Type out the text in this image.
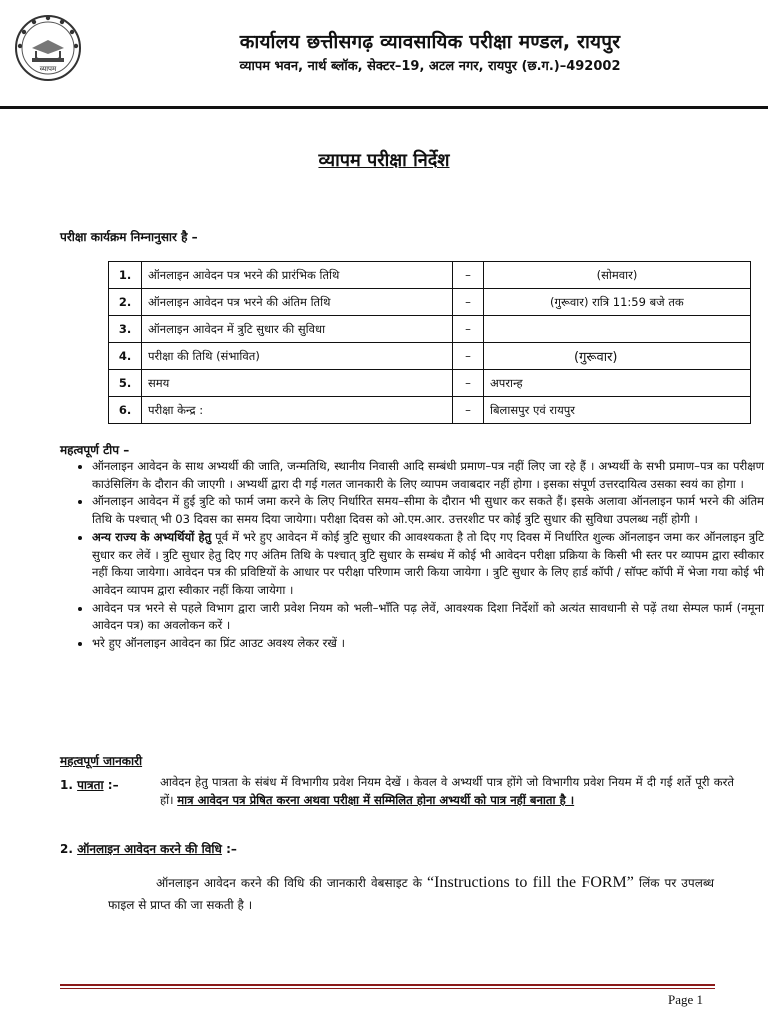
व्यापम
कार्यालय छत्तीसगढ़ व्यावसायिक परीक्षा मण्डल, रायपुर
व्यापम भवन, नार्थ ब्लॉक, सेक्टर–19, अटल नगर, रायपुर (छ.ग.)–492002
व्यापम परीक्षा निर्देश
परीक्षा कार्यक्रम निम्नानुसार है –
1.	ऑनलाइन आवेदन पत्र भरने की प्रारंभिक तिथि	–	(सोमवार)
2.	ऑनलाइन आवेदन पत्र भरने की अंतिम तिथि	–	(गुरूवार) रात्रि 11:59 बजे तक
3.	ऑनलाइन आवेदन में त्रुटि सुधार की सुविधा	–	
4.	परीक्षा की तिथि (संभावित)	–	(गुरूवार)
5.	समय	–	अपरान्ह
6.	परीक्षा केन्द्र :	–	बिलासपुर एवं रायपुर
महत्वपूर्ण टीप –
• ऑनलाइन आवेदन के साथ अभ्यर्थी की जाति, जन्मतिथि, स्थानीय निवासी आदि सम्बंधी प्रमाण–पत्र नहीं लिए जा रहे हैं । अभ्यर्थी के सभी प्रमाण–पत्र का परीक्षण काउंसिलिंग के दौरान की जाएगी । अभ्यर्थी द्वारा दी गई गलत जानकारी के लिए व्यापम जवाबदार नहीं होगा । इसका संपूर्ण उत्तरदायित्व उसका स्वयं का होगा ।
• ऑनलाइन आवेदन में हुई त्रुटि को फार्म जमा करने के लिए निर्धारित समय–सीमा के दौरान भी सुधार कर सकते हैं। इसके अलावा ऑनलाइन फार्म भरने की अंतिम तिथि के पश्चात् भी 03 दिवस का समय दिया जायेगा। परीक्षा दिवस को ओ.एम.आर. उत्तरशीट पर कोई त्रुटि सुधार की सुविधा उपलब्ध नहीं होगी ।
• अन्य राज्य के अभ्यर्थियों हेतु पूर्व में भरे हुए आवेदन में कोई त्रुटि सुधार की आवश्यकता है तो दिए गए दिवस में निर्धारित शुल्क ऑनलाइन जमा कर ऑनलाइन त्रुटि सुधार कर लेवें । त्रुटि सुधार हेतु दिए गए अंतिम तिथि के पश्चात् त्रुटि सुधार के सम्बंध में कोई भी आवेदन परीक्षा प्रक्रिया के किसी भी स्तर पर व्यापम द्वारा स्वीकार नहीं किया जायेगा। आवेदन पत्र की प्रविष्टियों के आधार पर परीक्षा परिणाम जारी किया जायेगा । त्रुटि सुधार के लिए हार्ड कॉपी / सॉफ्ट कॉपी में भेजा गया कोई भी आवेदन व्यापम द्वारा स्वीकार नहीं किया जायेगा ।
• आवेदन पत्र भरने से पहले विभाग द्वारा जारी प्रवेश नियम को भली–भाँति पढ़ लेवें, आवश्यक दिशा निर्देशों को अत्यंत सावधानी से पढ़ें तथा सेम्पल फार्म (नमूना आवेदन पत्र) का अवलोकन करें ।
• भरे हुए ऑनलाइन आवेदन का प्रिंट आउट अवश्य लेकर रखें ।
महत्वपूर्ण जानकारी
1. पात्रता :–	आवेदन हेतु पात्रता के संबंध में विभागीय प्रवेश नियम देखें । केवल वे अभ्यर्थी पात्र होंगे जो विभागीय प्रवेश नियम में दी गई शर्ते पूरी करते हों। मात्र आवेदन पत्र प्रेषित करना अथवा परीक्षा में सम्मिलित होना अभ्यर्थी को पात्र नहीं बनाता है ।
2. ऑनलाइन आवेदन करने की विधि :–
ऑनलाइन आवेदन करने की विधि की जानकारी वेबसाइट के “Instructions to fill the FORM” लिंक पर उपलब्ध फाइल से प्राप्त की जा सकती है ।
Page 1
